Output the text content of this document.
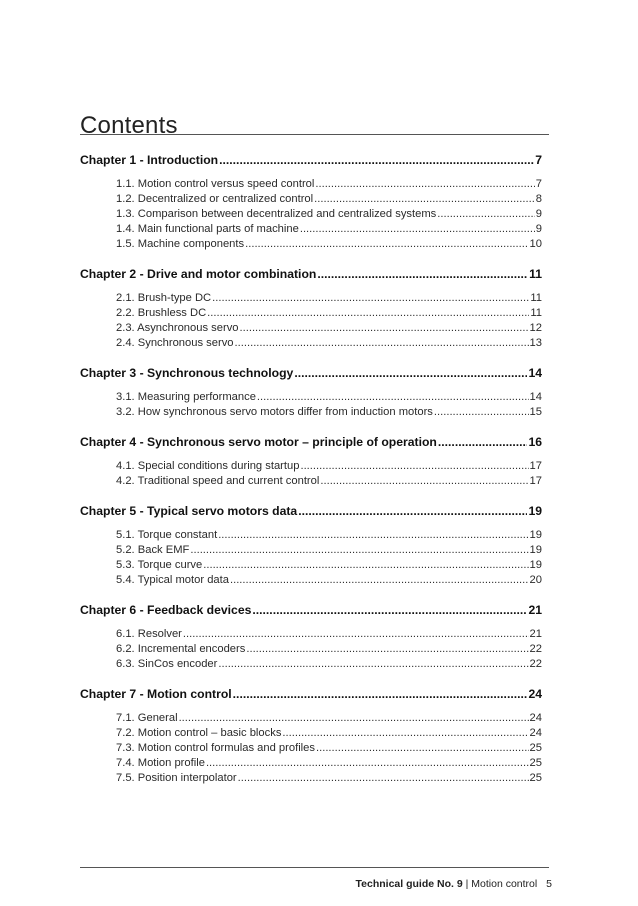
Contents
Chapter 1 - Introduction .....	7
1.1. Motion control versus speed control .....	7
1.2. Decentralized or centralized control .....	8
1.3. Comparison between decentralized and centralized systems .....	9
1.4. Main functional parts of machine .....	9
1.5. Machine components .....	10
Chapter 2 - Drive and motor combination .....	11
2.1. Brush-type DC .....	11
2.2. Brushless DC .....	11
2.3. Asynchronous servo .....	12
2.4. Synchronous servo .....	13
Chapter 3 - Synchronous technology .....	14
3.1. Measuring performance .....	14
3.2. How synchronous servo motors differ from induction motors .....	15
Chapter 4 - Synchronous servo motor – principle of operation .....	16
4.1. Special conditions during startup .....	17
4.2. Traditional speed and current control .....	17
Chapter 5 - Typical servo motors data .....	19
5.1. Torque constant .....	19
5.2. Back EMF .....	19
5.3. Torque curve .....	19
5.4. Typical motor data .....	20
Chapter 6 - Feedback devices .....	21
6.1. Resolver .....	21
6.2. Incremental encoders .....	22
6.3. SinCos encoder .....	22
Chapter 7 - Motion control .....	24
7.1. General .....	24
7.2. Motion control – basic blocks .....	24
7.3. Motion control formulas and profiles .....	25
7.4. Motion profile .....	25
7.5. Position interpolator .....	25
Technical guide No. 9 | Motion control 5
